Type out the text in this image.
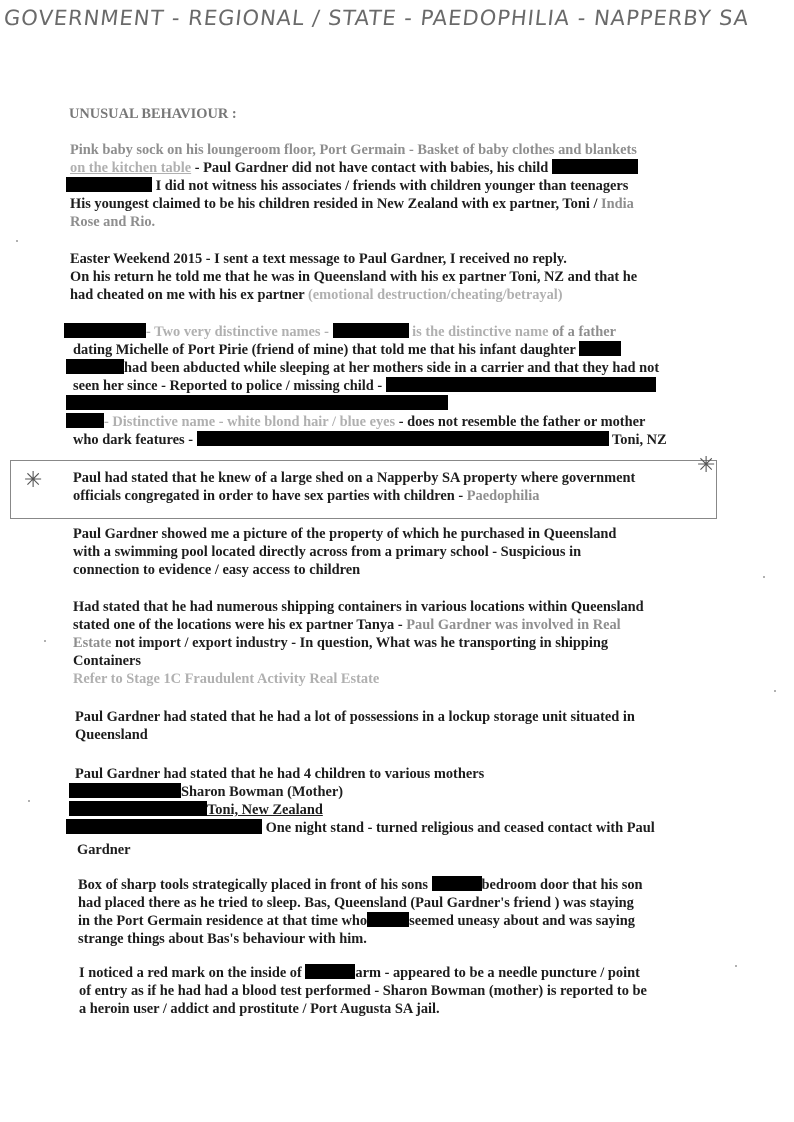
GOVERNMENT - REGIONAL / STATE - PAEDOPHILIA - NAPPERBY SA
UNUSUAL BEHAVIOUR :
Pink baby sock on his loungeroom floor, Port Germain - Basket of baby clothes and blankets
on the kitchen table - Paul Gardner did not have contact with babies, his child
I did not witness his associates / friends with children younger than teenagers
His youngest claimed to be his children resided in New Zealand with ex partner, Toni / India
Rose and Rio.
Easter Weekend 2015 - I sent a text message to Paul Gardner, I received no reply.
On his return he told me that he was in Queensland with his ex partner Toni, NZ and that he
had cheated on me with his ex partner (emotional destruction/cheating/betrayal)
- Two very distinctive names -	is the distinctive name of a father
dating Michelle of Port Pirie (friend of mine) that told me that his infant daughter
had been abducted while sleeping at her mothers side in a carrier and that they had not
seen her since - Reported to police / missing child -
- Distinctive name - white blond hair / blue eyes - does not resemble the father or mother
who dark features -	Toni, NZ
✳
✳
Paul had stated that he knew of a large shed on a Napperby SA property where government
officials congregated in order to have sex parties with children - Paedophilia
Paul Gardner showed me a picture of the property of which he purchased in Queensland
with a swimming pool located directly across from a primary school - Suspicious in
connection to evidence / easy access to children
Had stated that he had numerous shipping containers in various locations within Queensland
stated one of the locations were his ex partner Tanya - Paul Gardner was involved in Real
Estate not import / export industry - In question, What was he transporting in shipping
Containers
Refer to Stage 1C Fraudulent Activity Real Estate
Paul Gardner had stated that he had a lot of possessions in a lockup storage unit situated in
Queensland
Paul Gardner had stated that he had 4 children to various mothers
Sharon Bowman (Mother)
Toni, New Zealand
One night stand - turned religious and ceased contact with Paul
Gardner
Box of sharp tools strategically placed in front of his sons	bedroom door that his son
had placed there as he tried to sleep. Bas, Queensland (Paul Gardner's friend ) was staying
in the Port Germain residence at that time who	seemed uneasy about and was saying
strange things about Bas's behaviour with him.
I noticed a red mark on the inside of	arm - appeared to be a needle puncture / point
of entry as if he had had a blood test performed - Sharon Bowman (mother) is reported to be
a heroin user / addict and prostitute / Port Augusta SA jail.
